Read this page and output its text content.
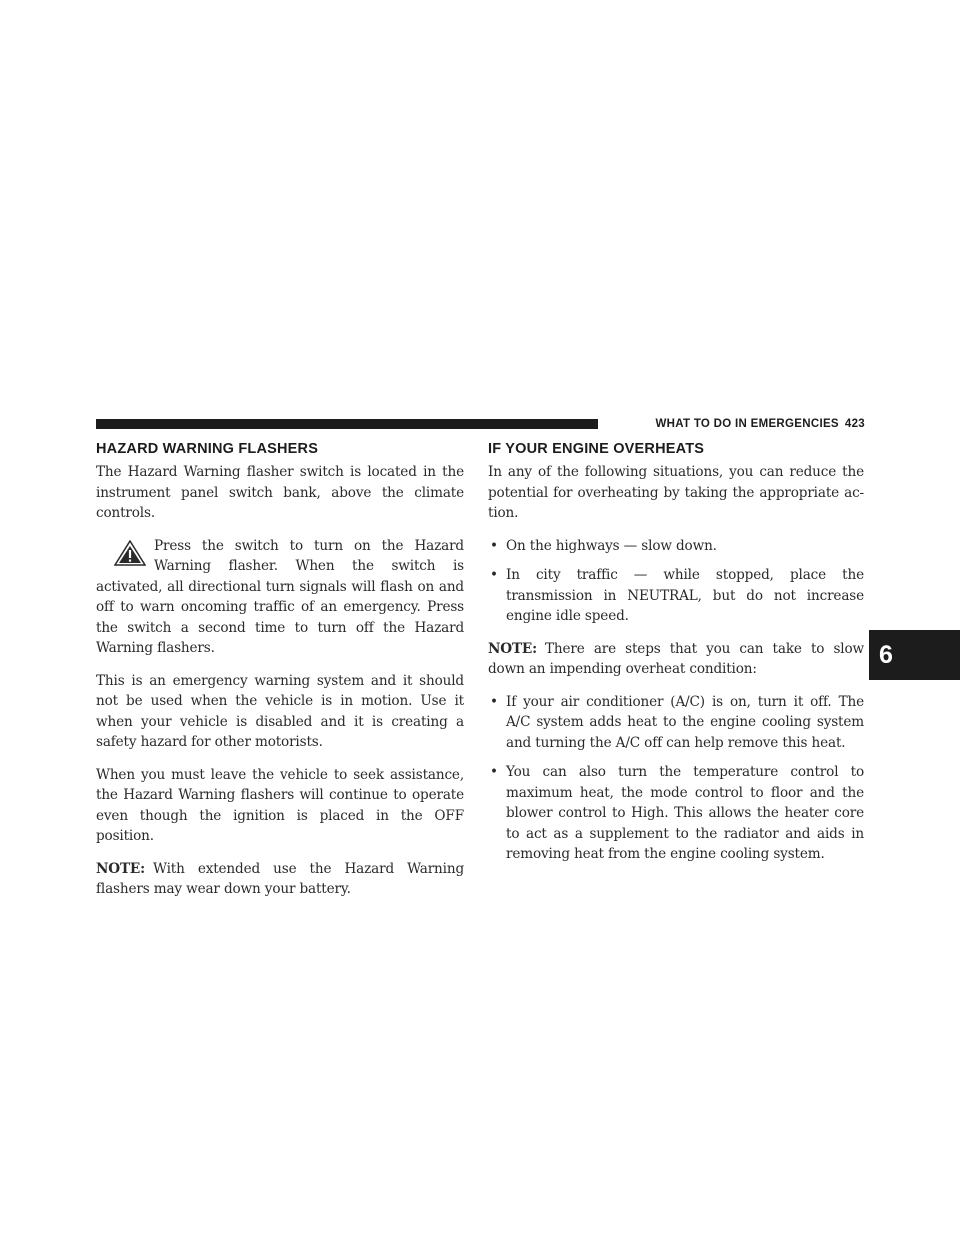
WHAT TO DO IN EMERGENCIES 423
6
HAZARD WARNING FLASHERS

The Hazard Warning flasher switch is located in the instrument panel switch bank, above the climate controls.

Press the switch to turn on the Hazard Warning flasher. When the switch is activated, all directional turn signals will flash on and off to warn oncoming traffic of an emergency. Press the switch a second time to turn off the Hazard Warning flashers.

This is an emergency warning system and it should not be used when the vehicle is in motion. Use it when your vehicle is disabled and it is creating a safety hazard for other motorists.

When you must leave the vehicle to seek assistance, the Hazard Warning flashers will continue to operate even though the ignition is placed in the OFF position.

NOTE: With extended use the Hazard Warning flashers may wear down your battery.

IF YOUR ENGINE OVERHEATS

In any of the following situations, you can reduce the potential for overheating by taking the appropriate ac- tion.

• On the highways — slow down.
• In city traffic — while stopped, place the transmission in NEUTRAL, but do not increase engine idle speed.

NOTE: There are steps that you can take to slow down an impending overheat condition:

• If your air conditioner (A/C) is on, turn it off. The A/C system adds heat to the engine cooling system and turning the A/C off can help remove this heat.
• You can also turn the temperature control to maximum heat, the mode control to floor and the blower control to High. This allows the heater core to act as a supplement to the radiator and aids in removing heat from the engine cooling system.
